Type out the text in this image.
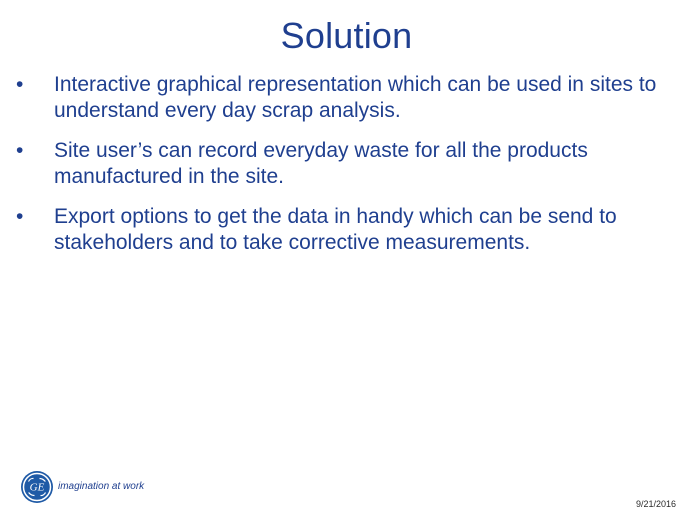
Solution
•	Interactive graphical representation which can be used in sites to understand every day scrap analysis.
•	Site user’s can record everyday waste for all the products manufactured in the site.
•	Export options to get the data in handy which can be send to stakeholders and to take corrective measurements.
GE imagination at work
9/21/2016
